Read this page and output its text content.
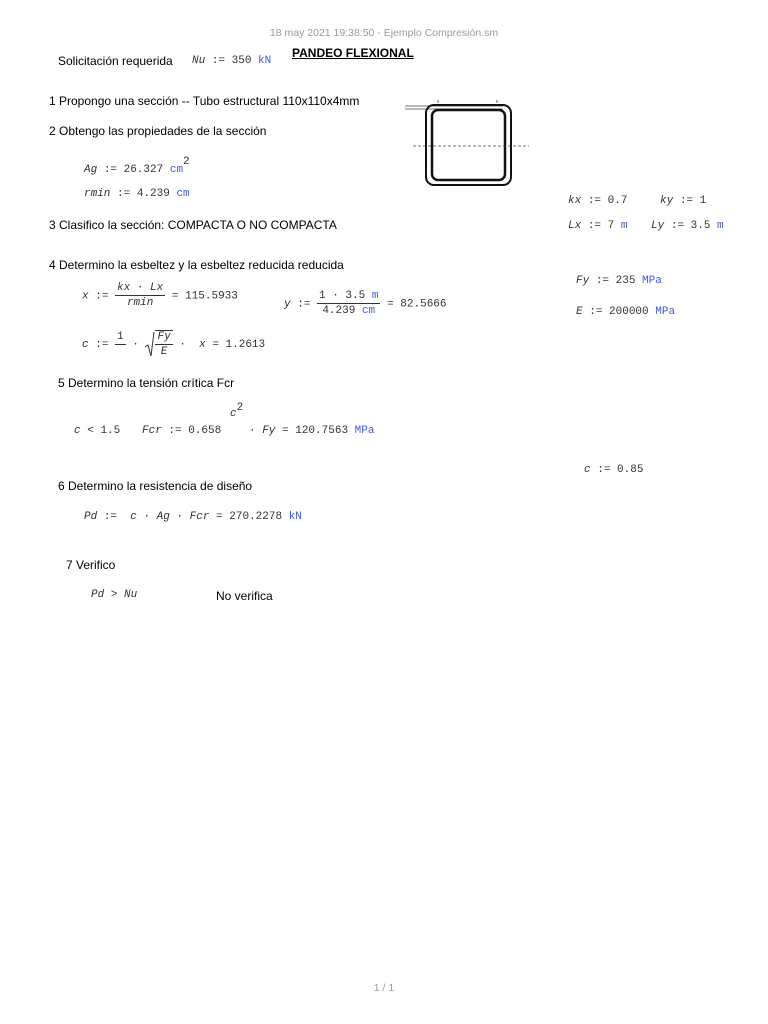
18 may 2021 19:38:50 - Ejemplo Compresión.sm
PANDEO FLEXIONAL
Solicitación requerida Nu := 350 kN
1 Propongo una sección -- Tubo estructural 110x110x4mm
2 Obtengo las propiedades de la sección
Ag := 26.327 cm2
rmin := 4.239 cm
kx := 0.7	ky := 1
3 Clasifico la sección: COMPACTA O NO COMPACTA	Lx := 7 m Ly := 3.5 m
4 Determino la esbeltez y la esbeltez reducida reducida
Fy := 235 MPa
E := 200000 MPa
x := $\frac{kx \cdot Lx}{rmin} = 115.5933$
y := $\frac{1 \cdot 3.5 m}{4.239 cm} = 82.5666$
c :=
1

· $\frac{Fy}{E} \cdot x = 1.2613$
5 Determino la tensión crítica Fcr
c < 1.5 Fcr := 0.658
c2
· Fy = 120.7563 MPa
c := 0.85
6 Determino la resistencia de diseño
Pd := c · Ag · Fcr = 270.2278 kN
7 Verifico
Pd > Nu	No verifica
1 / 1
